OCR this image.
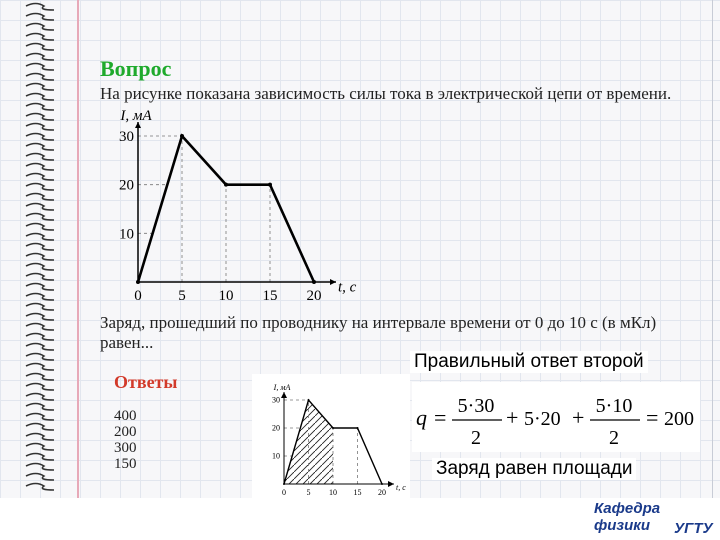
Вопрос
На рисунке показана зависимость силы тока в электрической цепи от времени.
0 5 10 15 20
10
20
30
t, с
I, мА
Заряд, прошедший по проводнику на интервале времени от 0 до 10 с (в мКл) равен...
Ответы
400
200
300
150
0	5 10 15 20
10
20
30
t, с
I, мА
Правильный ответ второй
q = 5·30
2
+ 5·20 + 5·10
2
= 200
Заряд равен площади
Кафедра физики	УГТУ
